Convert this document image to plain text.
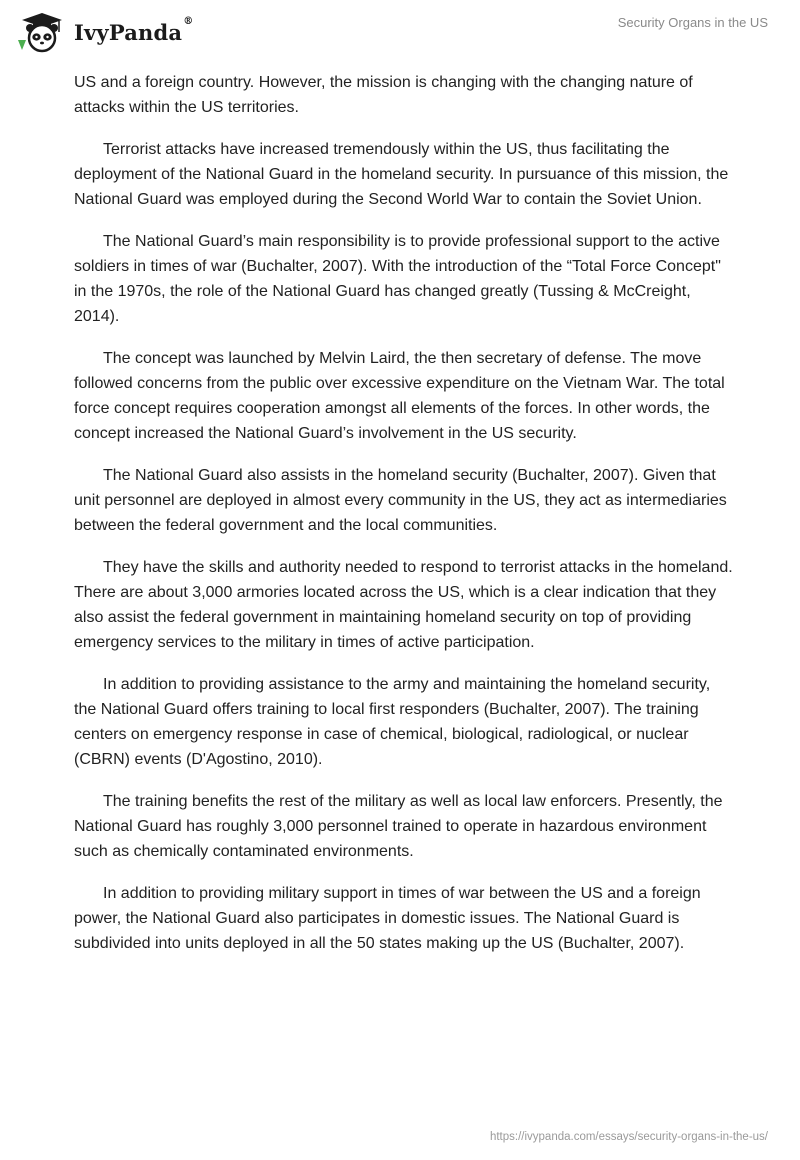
IvyPanda®	Security Organs in the US

US and a foreign country. However, the mission is changing with the changing nature of attacks within the US territories.

Terrorist attacks have increased tremendously within the US, thus facilitating the deployment of the National Guard in the homeland security. In pursuance of this mission, the National Guard was employed during the Second World War to contain the Soviet Union.

The National Guard’s main responsibility is to provide professional support to the active soldiers in times of war (Buchalter, 2007). With the introduction of the “Total Force Concept" in the 1970s, the role of the National Guard has changed greatly (Tussing & McCreight, 2014).

The concept was launched by Melvin Laird, the then secretary of defense. The move followed concerns from the public over excessive expenditure on the Vietnam War. The total force concept requires cooperation amongst all elements of the forces. In other words, the concept increased the National Guard’s involvement in the US security.

The National Guard also assists in the homeland security (Buchalter, 2007). Given that unit personnel are deployed in almost every community in the US, they act as intermediaries between the federal government and the local communities.

They have the skills and authority needed to respond to terrorist attacks in the homeland. There are about 3,000 armories located across the US, which is a clear indication that they also assist the federal government in maintaining homeland security on top of providing emergency services to the military in times of active participation.

In addition to providing assistance to the army and maintaining the homeland security, the National Guard offers training to local first responders (Buchalter, 2007). The training centers on emergency response in case of chemical, biological, radiological, or nuclear (CBRN) events (D'Agostino, 2010).

The training benefits the rest of the military as well as local law enforcers. Presently, the National Guard has roughly 3,000 personnel trained to operate in hazardous environment such as chemically contaminated environments.

In addition to providing military support in times of war between the US and a foreign power, the National Guard also participates in domestic issues. The National Guard is subdivided into units deployed in all the 50 states making up the US (Buchalter, 2007).

https://ivypanda.com/essays/security-organs-in-the-us/
